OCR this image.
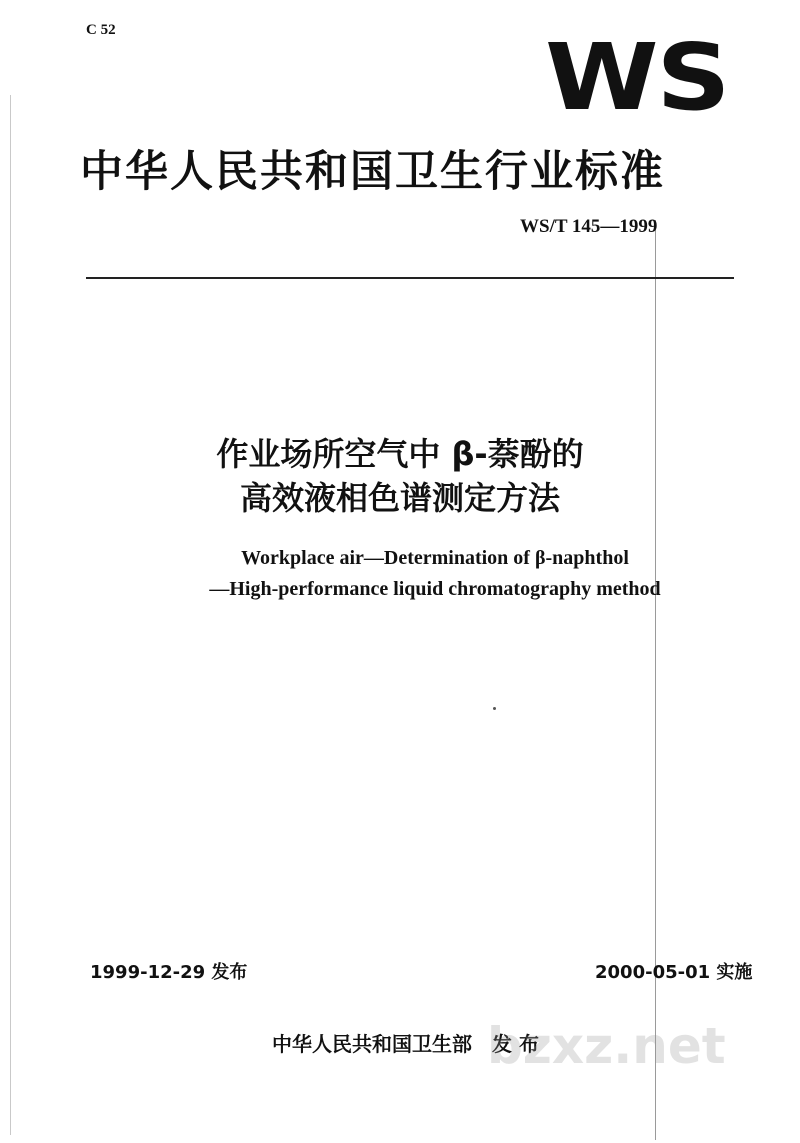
C 52	WS
中华人民共和国卫生行业标准
WS/T 145—1999
作业场所空气中 β-萘酚的
高效液相色谱测定方法
Workplace air—Determination of β-naphthol
—High-performance liquid chromatography method
1999-12-29 发布	2000-05-01 实施
中华人民共和国卫生部　发 布
bzxz.net
